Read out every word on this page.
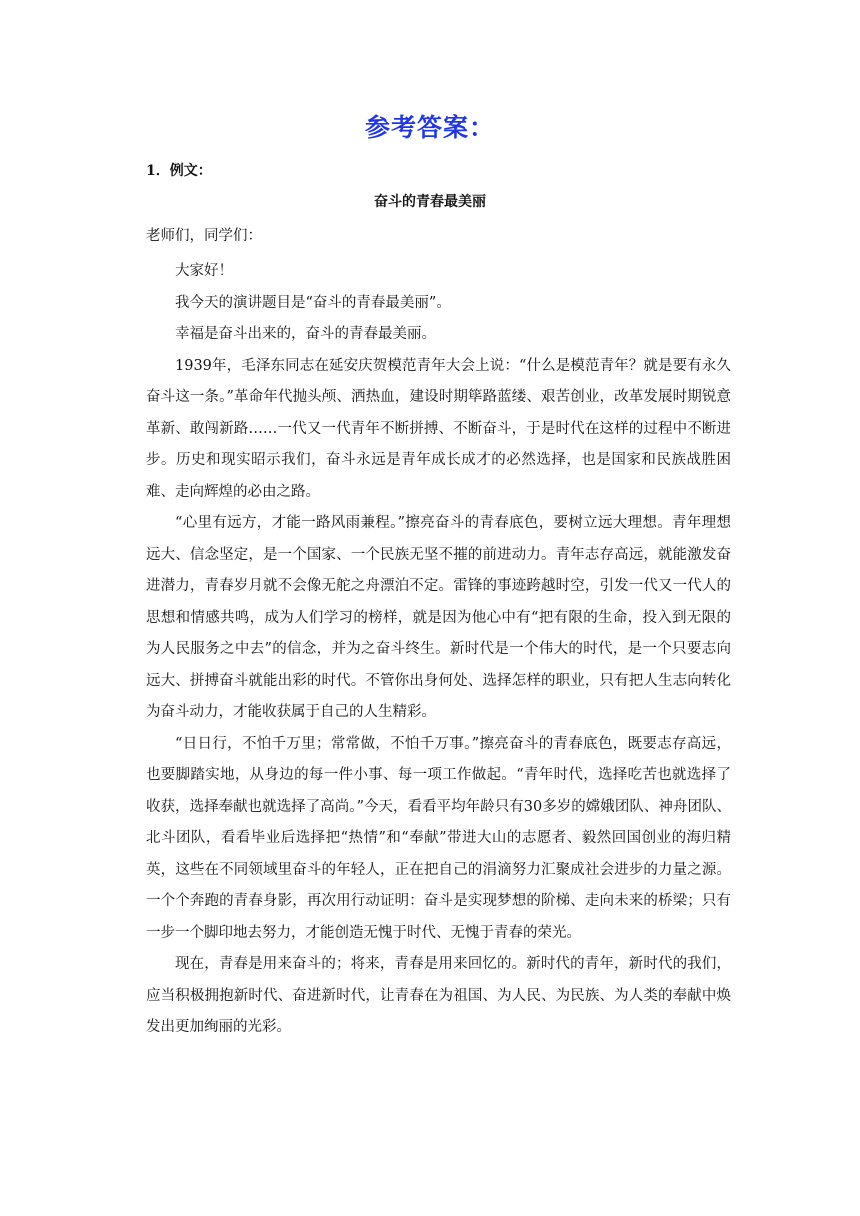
参考答案：
1．例文：
奋斗的青春最美丽
老师们，同学们：

大家好！

我今天的演讲题目是“奋斗的青春最美丽”。

幸福是奋斗出来的，奋斗的青春最美丽。

1939年，毛泽东同志在延安庆贺模范青年大会上说：“什么是模范青年？就是要有永久奋斗这一条。”革命年代抛头颅、洒热血，建设时期筚路蓝缕、艰苦创业，改革发展时期锐意革新、敢闯新路……一代又一代青年不断拼搏、不断奋斗，于是时代在这样的过程中不断进步。历史和现实昭示我们，奋斗永远是青年成长成才的必然选择，也是国家和民族战胜困难、走向辉煌的必由之路。

“心里有远方，才能一路风雨兼程。”擦亮奋斗的青春底色，要树立远大理想。青年理想远大、信念坚定，是一个国家、一个民族无坚不摧的前进动力。青年志存高远，就能激发奋进潜力，青春岁月就不会像无舵之舟漂泊不定。雷锋的事迹跨越时空，引发一代又一代人的思想和情感共鸣，成为人们学习的榜样，就是因为他心中有“把有限的生命，投入到无限的为人民服务之中去”的信念，并为之奋斗终生。新时代是一个伟大的时代，是一个只要志向远大、拼搏奋斗就能出彩的时代。不管你出身何处、选择怎样的职业，只有把人生志向转化为奋斗动力，才能收获属于自己的人生精彩。

“日日行，不怕千万里；常常做，不怕千万事。”擦亮奋斗的青春底色，既要志存高远，也要脚踏实地，从身边的每一件小事、每一项工作做起。“青年时代，选择吃苦也就选择了收获，选择奉献也就选择了高尚。”今天，看看平均年龄只有30多岁的嫦娥团队、神舟团队、北斗团队，看看毕业后选择把“热情”和“奉献”带进大山的志愿者、毅然回国创业的海归精英，这些在不同领域里奋斗的年轻人，正在把自己的涓滴努力汇聚成社会进步的力量之源。一个个奔跑的青春身影，再次用行动证明：奋斗是实现梦想的阶梯、走向未来的桥梁；只有一步一个脚印地去努力，才能创造无愧于时代、无愧于青春的荣光。

现在，青春是用来奋斗的；将来，青春是用来回忆的。新时代的青年，新时代的我们，应当积极拥抱新时代、奋进新时代，让青春在为祖国、为人民、为民族、为人类的奉献中焕发出更加绚丽的光彩。
